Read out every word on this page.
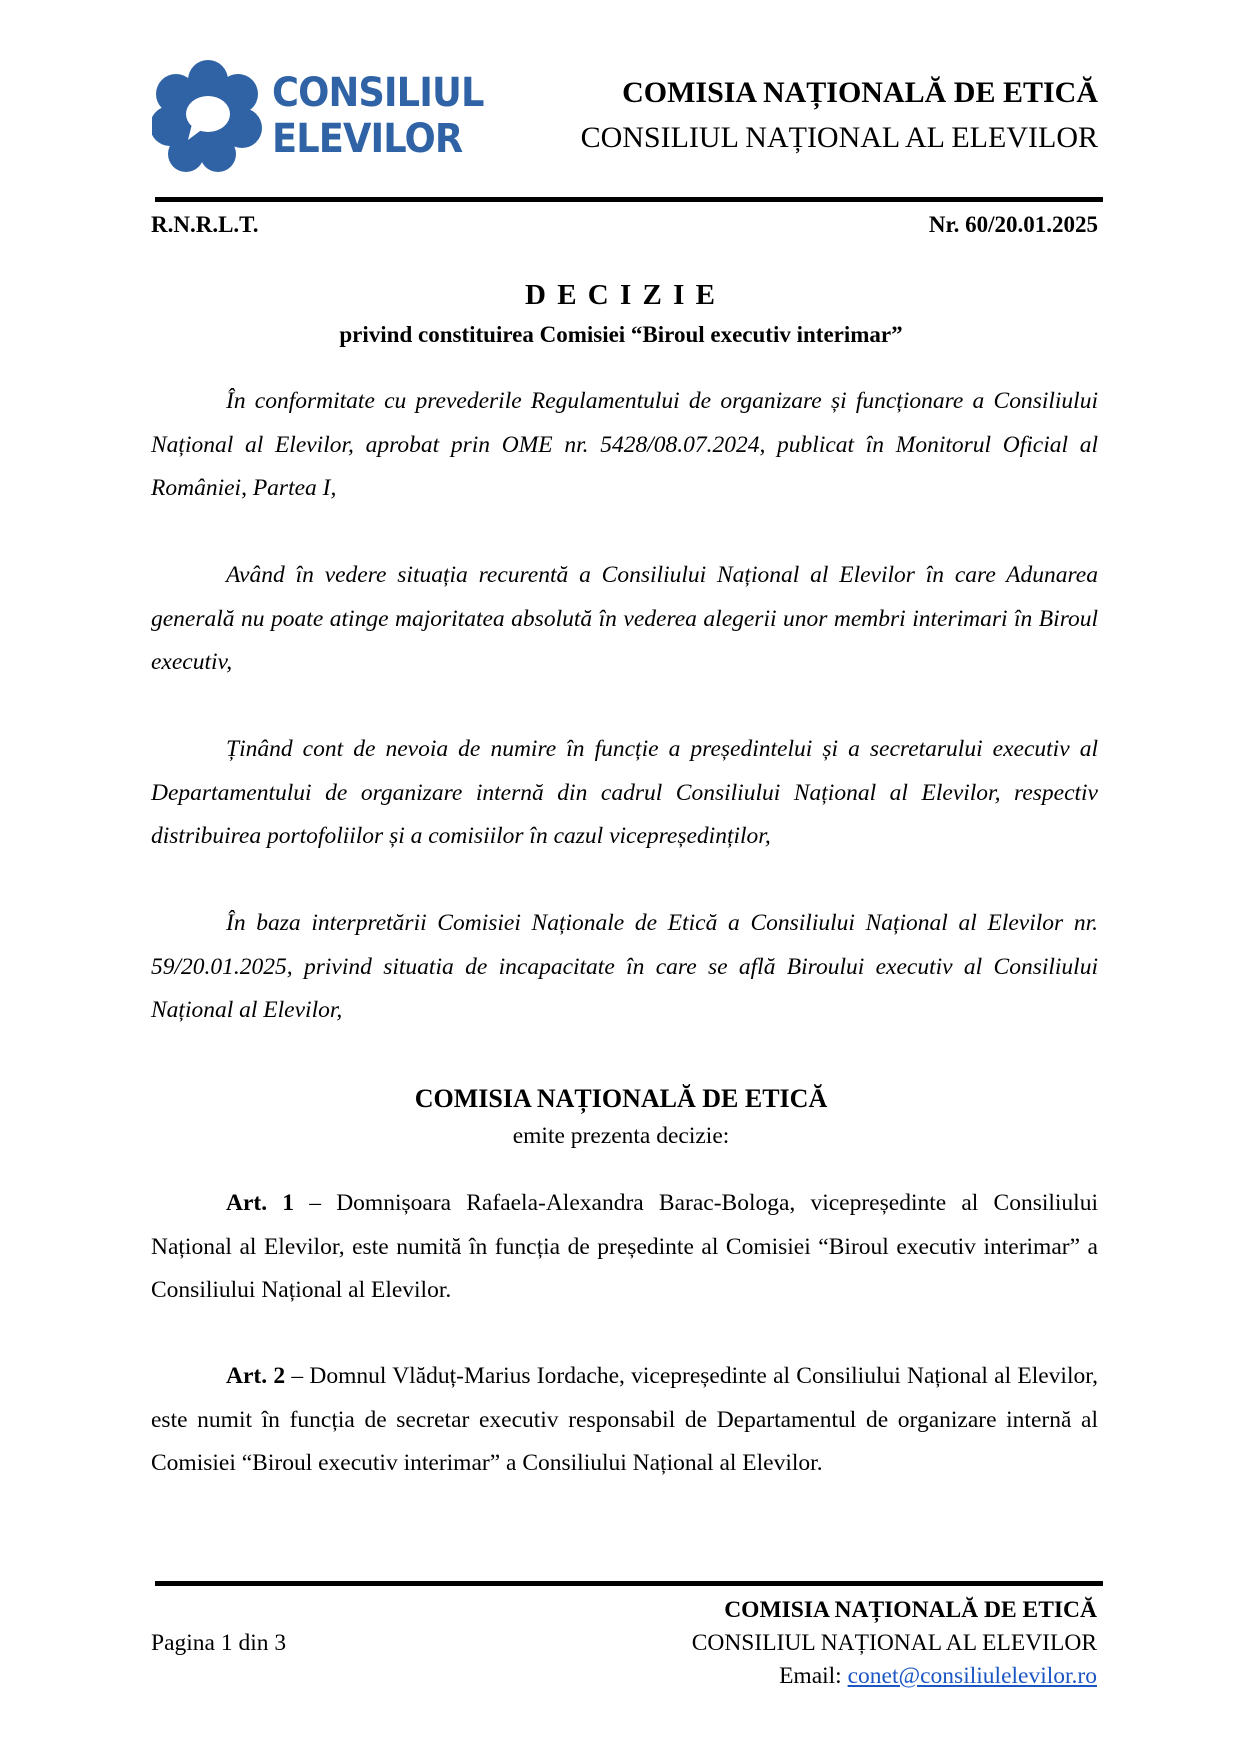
CONSILIUL
ELEVILOR
COMISIA NAȚIONALĂ DE ETICĂ
CONSILIUL NAȚIONAL AL ELEVILOR
R.N.R.L.T.	Nr. 60/20.01.2025
D E C I Z I E
privind constituirea Comisiei “Biroul executiv interimar”
În conformitate cu prevederile Regulamentului de organizare și funcționare a Consiliului Național al Elevilor, aprobat prin OME nr. 5428/08.07.2024, publicat în Monitorul Oficial al României, Partea I,
Având în vedere situația recurentă a Consiliului Național al Elevilor în care Adunarea generală nu poate atinge majoritatea absolută în vederea alegerii unor membri interimari în Biroul executiv,
Ținând cont de nevoia de numire în funcție a președintelui și a secretarului executiv al Departamentului de organizare internă din cadrul Consiliului Național al Elevilor, respectiv distribuirea portofoliilor și a comisiilor în cazul vicepreședinților,
În baza interpretării Comisiei Naționale de Etică a Consiliului Național al Elevilor nr. 59/20.01.2025, privind situatia de incapacitate în care se află Biroului executiv al Consiliului Național al Elevilor,
COMISIA NAȚIONALĂ DE ETICĂ
emite prezenta decizie:
Art. 1 – Domnișoara Rafaela-Alexandra Barac-Bologa, vicepreședinte al Consiliului Național al Elevilor, este numită în funcția de președinte al Comisiei “Biroul executiv interimar” a Consiliului Național al Elevilor.
Art. 2 – Domnul Vlăduț-Marius Iordache, vicepreședinte al Consiliului Național al Elevilor, este numit în funcția de secretar executiv responsabil de Departamentul de organizare internă al Comisiei “Biroul executiv interimar” a Consiliului Național al Elevilor.
Pagina 1 din 3
COMISIA NAȚIONALĂ DE ETICĂ
CONSILIUL NAȚIONAL AL ELEVILOR
Email: conet@consiliulelevilor.ro
